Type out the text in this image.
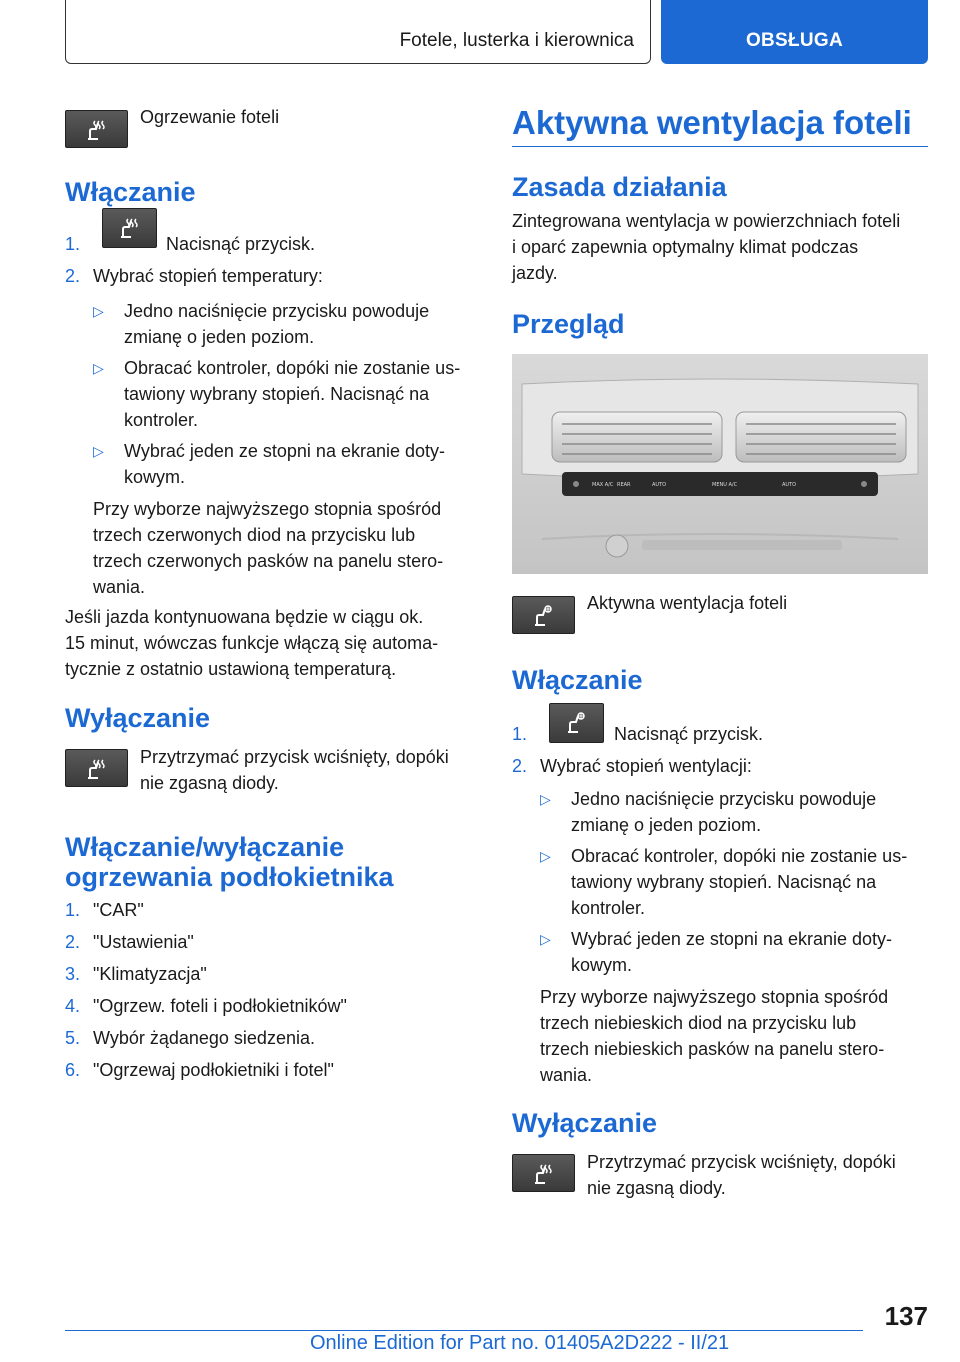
Fotele, lusterka i kierownica	OBSŁUGA
Ogrzewanie foteli
Włączanie
1.	Nacisnąć przycisk.
2. Wybrać stopień temperatury:
▷ Jedno naciśnięcie przycisku powoduje
zmianę o jeden poziom.
▷ Obracać kontroler, dopóki nie zostanie us-
tawiony wybrany stopień. Nacisnąć na
kontroler.
▷ Wybrać jeden ze stopni na ekranie doty-
kowym.
Przy wyborze najwyższego stopnia spośród
trzech czerwonych diod na przycisku lub
trzech czerwonych pasków na panelu stero-
wania.
Jeśli jazda kontynuowana będzie w ciągu ok.
15 minut, wówczas funkcje włączą się automa-
tycznie z ostatnio ustawioną temperaturą.
Wyłączanie
Przytrzymać przycisk wciśnięty, dopóki
nie zgasną diody.
Włączanie/wyłączanie
ogrzewania podłokietnika
1. "CAR"
2. "Ustawienia"
3. "Klimatyzacja"
4. "Ogrzew. foteli i podłokietników"
5. Wybór żądanego siedzenia.
6. "Ogrzewaj podłokietniki i fotel"
Aktywna wentylacja foteli
Zasada działania
Zintegrowana wentylacja w powierzchniach foteli
i oparć zapewnia optymalny klimat podczas
jazdy.
Przegląd
MAX A/C REAR	AUTO	MENU A/C	AUTO
Aktywna wentylacja foteli
Włączanie
1.	Nacisnąć przycisk.
2. Wybrać stopień wentylacji:
▷ Jedno naciśnięcie przycisku powoduje
zmianę o jeden poziom.
▷ Obracać kontroler, dopóki nie zostanie us-
tawiony wybrany stopień. Nacisnąć na
kontroler.
▷ Wybrać jeden ze stopni na ekranie doty-
kowym.
Przy wyborze najwyższego stopnia spośród
trzech niebieskich diod na przycisku lub
trzech niebieskich pasków na panelu stero-
wania.
Wyłączanie
Przytrzymać przycisk wciśnięty, dopóki
nie zgasną diody.
137
Online Edition for Part no. 01405A2D222 - II/21
